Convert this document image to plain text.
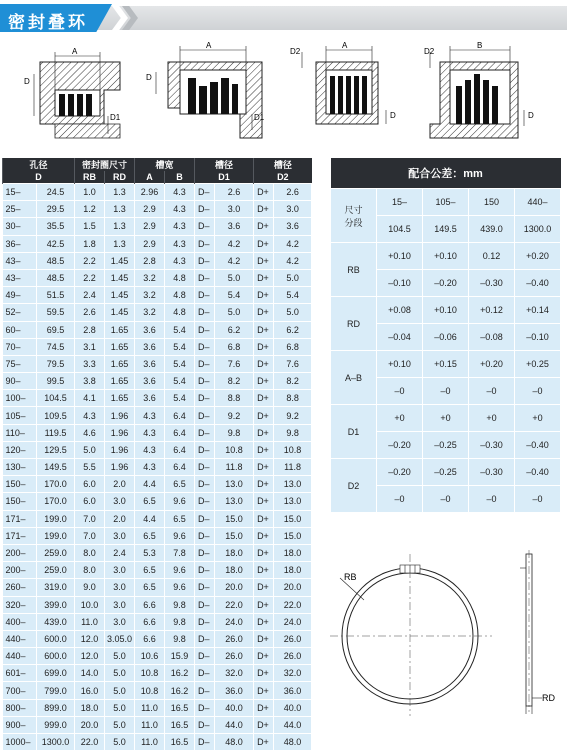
密封叠环
A
D
D1
A
D
D1
A
D2
D
B
D2
D
孔径		密封圈尺寸		槽宽		槽径		槽径	
D		RB	RD	A	B	D1		D2	
15–	24.5	1.0	1.3	2.96	4.3	D–	2.6	D+	2.6
25–	29.5	1.2	1.3	2.9	4.3	D–	3.0	D+	3.0
30–	35.5	1.5	1.3	2.9	4.3	D–	3.6	D+	3.6
36–	42.5	1.8	1.3	2.9	4.3	D–	4.2	D+	4.2
43–	48.5	2.2	1.45	2.8	4.3	D–	4.2	D+	4.2
43–	48.5	2.2	1.45	3.2	4.8	D–	5.0	D+	5.0
49–	51.5	2.4	1.45	3.2	4.8	D–	5.4	D+	5.4
52–	59.5	2.6	1.45	3.2	4.8	D–	5.0	D+	5.0
60–	69.5	2.8	1.65	3.6	5.4	D–	6.2	D+	6.2
70–	74.5	3.1	1.65	3.6	5.4	D–	6.8	D+	6.8
75–	79.5	3.3	1.65	3.6	5.4	D–	7.6	D+	7.6
90–	99.5	3.8	1.65	3.6	5.4	D–	8.2	D+	8.2
100–	104.5	4.1	1.65	3.6	5.4	D–	8.8	D+	8.8
105–	109.5	4.3	1.96	4.3	6.4	D–	9.2	D+	9.2
110–	119.5	4.6	1.96	4.3	6.4	D–	9.8	D+	9.8
120–	129.5	5.0	1.96	4.3	6.4	D–	10.8	D+	10.8
130–	149.5	5.5	1.96	4.3	6.4	D–	11.8	D+	11.8
150–	170.0	6.0	2.0	4.4	6.5	D–	13.0	D+	13.0
150–	170.0	6.0	3.0	6.5	9.6	D–	13.0	D+	13.0
171–	199.0	7.0	2.0	4.4	6.5	D–	15.0	D+	15.0
171–	199.0	7.0	3.0	6.5	9.6	D–	15.0	D+	15.0
200–	259.0	8.0	2.4	5.3	7.8	D–	18.0	D+	18.0
200–	259.0	8.0	3.0	6.5	9.6	D–	18.0	D+	18.0
260–	319.0	9.0	3.0	6.5	9.6	D–	20.0	D+	20.0
320–	399.0	10.0	3.0	6.6	9.8	D–	22.0	D+	22.0
400–	439.0	11.0	3.0	6.6	9.8	D–	24.0	D+	24.0
440–	600.0	12.0	3.05.0	6.6	9.8	D–	26.0	D+	26.0
440–	600.0	12.0	5.0	10.6	15.9	D–	26.0	D+	26.0
601–	699.0	14.0	5.0	10.8	16.2	D–	32.0	D+	32.0
700–	799.0	16.0	5.0	10.8	16.2	D–	36.0	D+	36.0
800–	899.0	18.0	5.0	11.0	16.5	D–	40.0	D+	40.0
900–	999.0	20.0	5.0	11.0	16.5	D–	44.0	D+	44.0
1000–	1300.0	22.0	5.0	11.0	16.5	D–	48.0	D+	48.0
配合公差：mm				
尺寸
分段	15–	105–	150	440–
	104.5	149.5	439.0	1300.0
RB	+0.10	+0.10	0.12	+0.20
	–0.10	–0.20	–0.30	–0.40
RD	+0.08	+0.10	+0.12	+0.14
	–0.04	–0.06	–0.08	–0.10
A–B	+0.10	+0.15	+0.20	+0.25
	–0	–0	–0	–0
D1	+0	+0	+0	+0
	–0.20	–0.25	–0.30	–0.40
D2	–0.20	–0.25	–0.30	–0.40
	–0	–0	–0	–0
RB
RD
